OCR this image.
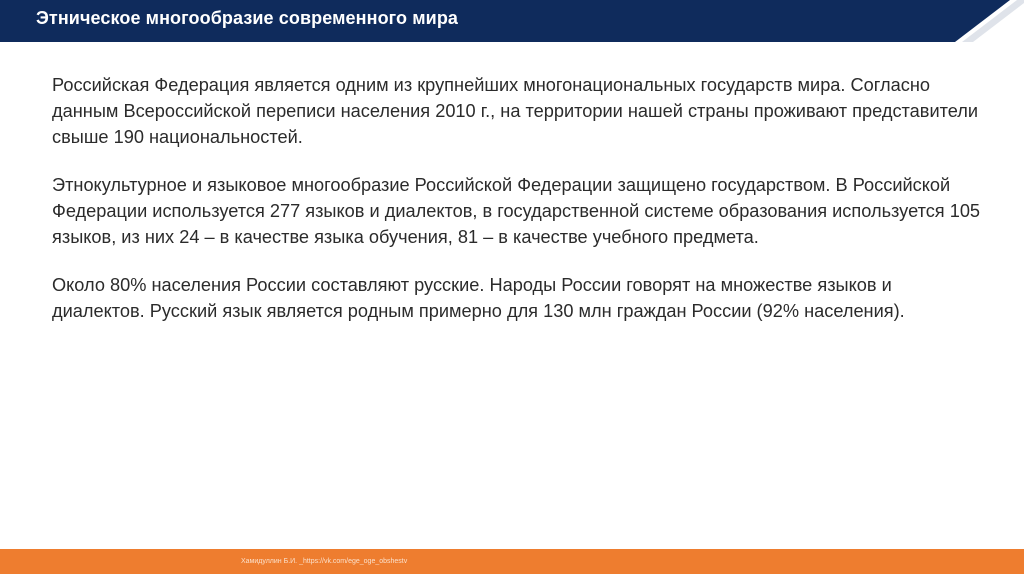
Этническое многообразие современного мира

Российская Федерация является одним из крупнейших многонациональных государств мира. Согласно данным Всероссийской переписи населения 2010 г., на территории нашей страны проживают представители свыше 190 национальностей.

Этнокультурное и языковое многообразие Российской Федерации защищено государством. В Российской Федерации используется 277 языков и диалектов, в государственной системе образования используется 105 языков, из них 24 – в качестве языка обучения, 81 – в качестве учебного предмета.

Около 80% населения России составляют русские. Народы России говорят на множестве языков и диалектов. Русский язык является родным примерно для 130 млн граждан России (92% населения).

Хамидуллин Б.И. _https://vk.com/ege_oge_obshestv
